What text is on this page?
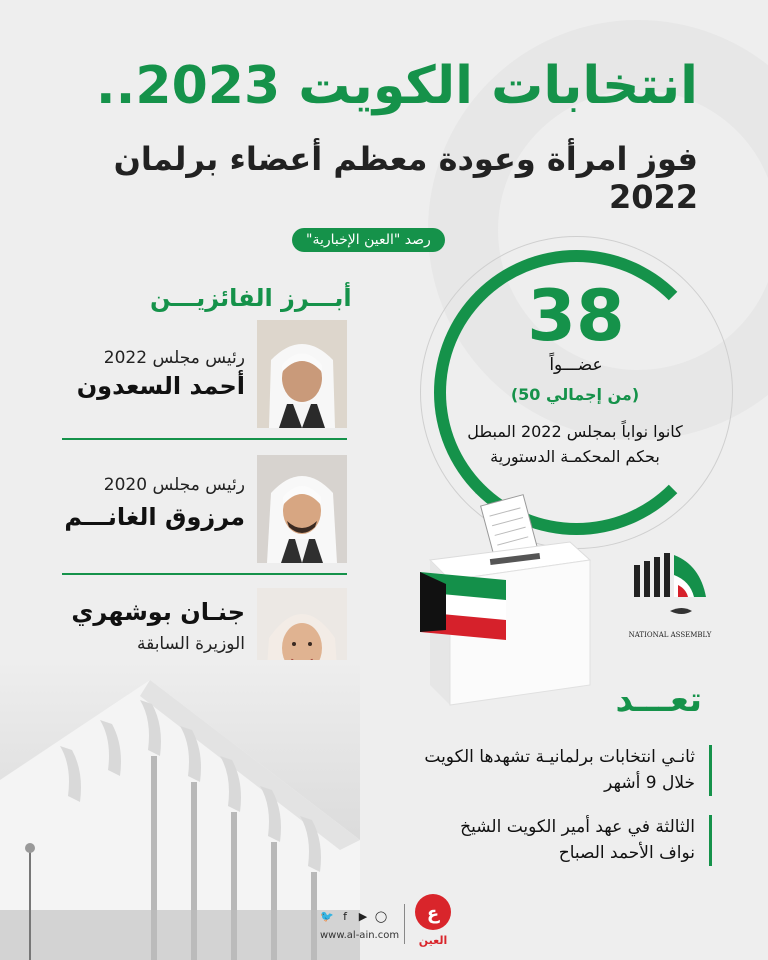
انتخابات الكويت 2023..
فوز امرأة وعودة معظم أعضاء برلمان 2022
رصد "العين الإخبارية"
أبـــرز الفائزيـــن
رئيس مجلس 2022
أحمد السعدون
رئيس مجلس 2020
مرزوق الغانـــم
جنـان بوشهري
الوزيرة السابقة
38
عضـــواً
(من إجمالي 50)
كانوا نواباً بمجلس 2022 المبطل بحكم المحكمـة الدستورية
NATIONAL ASSEMBLY
تعـــد
ثانـي انتخابات برلمانيـة تشهدها الكويت خلال 9 أشهر
الثالثة في عهد أمير الكويت الشيخ نواف الأحمد الصباح
🐦 f	▶ ◯
www.al-ain.com
ع
العين
